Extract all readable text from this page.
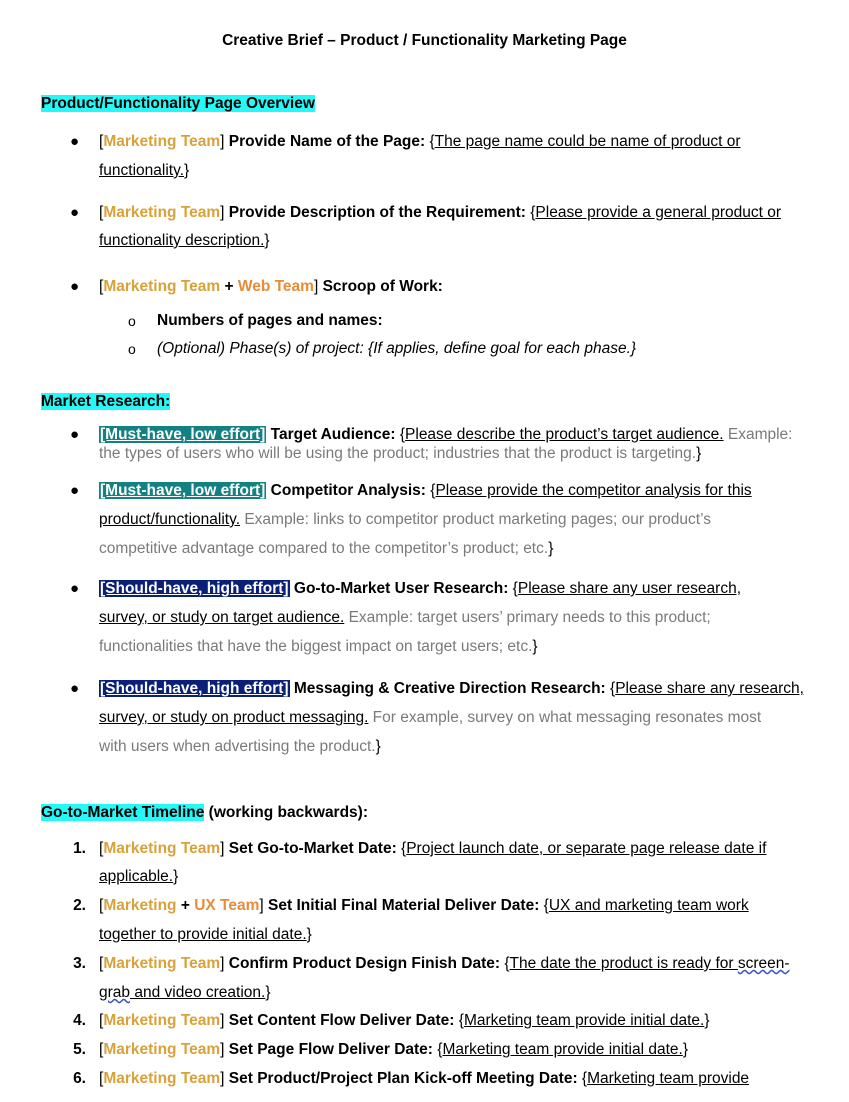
Creative Brief – Product / Functionality Marketing Page
Product/Functionality Page Overview
● [Marketing Team] Provide Name of the Page: {The page name could be name of product or
functionality.}
● [Marketing Team] Provide Description of the Requirement: {Please provide a general product or
functionality description.}
● [Marketing Team + Web Team] Scroop of Work:
o Numbers of pages and names:
o (Optional) Phase(s) of project: {If applies, define goal for each phase.}
Market Research:
● [Must-have, low effort] Target Audience: {Please describe the product’s target audience. Example:
the types of users who will be using the product; industries that the product is targeting.}
● [Must-have, low effort] Competitor Analysis: {Please provide the competitor analysis for this
product/functionality. Example: links to competitor product marketing pages; our product’s
competitive advantage compared to the competitor’s product; etc.}
● [Should-have, high effort] Go-to-Market User Research: {Please share any user research,
survey, or study on target audience. Example: target users’ primary needs to this product;
functionalities that have the biggest impact on target users; etc.}
● [Should-have, high effort] Messaging & Creative Direction Research: {Please share any research,
survey, or study on product messaging. For example, survey on what messaging resonates most
with users when advertising the product.}
Go-to-Market Timeline (working backwards):
1. [Marketing Team] Set Go-to-Market Date: {Project launch date, or separate page release date if
applicable.}
2. [Marketing + UX Team] Set Initial Final Material Deliver Date: {UX and marketing team work
together to provide initial date.}
3. [Marketing Team] Confirm Product Design Finish Date: {The date the product is ready for screen-
grab and video creation.}
4. [Marketing Team] Set Content Flow Deliver Date: {Marketing team provide initial date.}
5. [Marketing Team] Set Page Flow Deliver Date: {Marketing team provide initial date.}
6. [Marketing Team] Set Product/Project Plan Kick-off Meeting Date: {Marketing team provide
